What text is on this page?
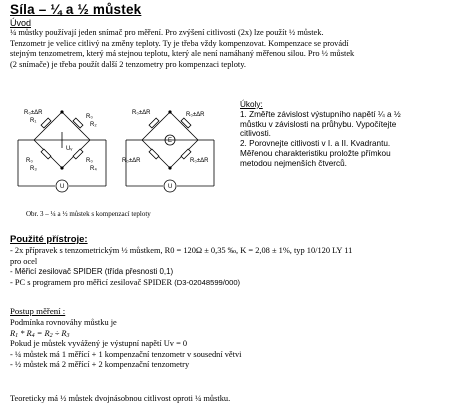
Síla – ¼ a ½ můstek
Úvod

¼ můstky používají jeden snímač pro měření. Pro zvýšení citlivosti (2x) lze použít ½ můstek.

Tenzometr je velice citlivý na změny teploty. Ty je třeba vždy kompenzovat. Kompenzace se provádí

stejným tenzometrem, který má stejnou teplotu, který ale není namáhaný měřenou silou. Pro ½ můstek

(2 snímače) je třeba použít další 2 tenzometry pro kompenzaci teploty.

R₀±ΔR
R₁
R₀
R₂
Uᵥ
R₀
R₃
R₀
R₄
U
R₀±ΔR	R₀±ΔR
E
R₀±ΔR	R₀±ΔR
U
Obr. 3 – ¼ a ½ můstek s kompenzací teploty

Úkoly:

1. Změřte závislost výstupního napětí ¼ a ½

můstku v závislosti na průhybu. Vypočítejte

citlivosti.

2. Porovnejte citlivosti v I. a II. Kvadrantu.

Měřenou charakteristiku proložte přímkou

metodou nejmenších čtverců.

Použité přístroje:

- 2x přípravek s tenzometrickým ½ můstkem, R0 = 120Ω ± 0,35 ‰, K = 2,08 ± 1%, typ 10/120 LY 11

pro ocel

- Měřicí zesilovač SPIDER (třída přesnosti 0,1)

- PC s programem pro měřicí zesilovač SPIDER (D3-02048599/000)

Postup měření :

Podmínka rovnováhy můstku je

$R_1 * R_4 = R_2 \div R_3$

Pokud je můstek vyvážený je výstupní napětí Uv = 0

- ¼ můstek má 1 měřící + 1 kompenzační tenzometr v sousední větvi

- ½ můstek má 2 měřící + 2 kompenzační tenzometry

Teoreticky má ½ můstek dvojnásobnou citlivost oproti ¼ můstku.
